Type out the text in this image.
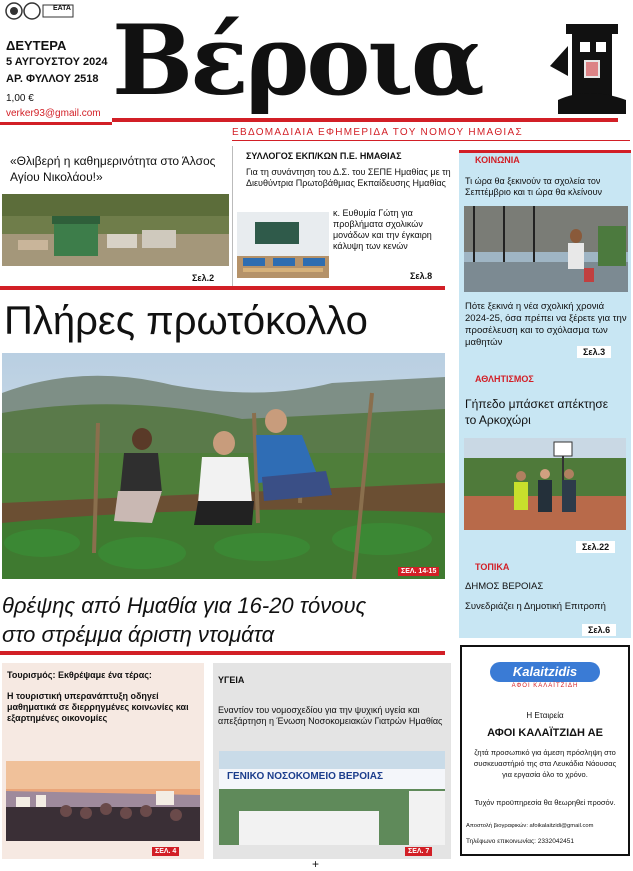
ΕΑΤΑ
ΔΕΥΤΕΡΑ
5 ΑΥΓΟΥΣΤΟΥ 2024
ΑΡ. ΦΥΛΛΟΥ 2518
1,00 €
verker93@gmail.com Βέροια
ΕΒΔΟΜΑΔΙΑΙΑ ΕΦΗΜΕΡΙΔΑ ΤΟΥ ΝΟΜΟΥ ΗΜΑΘΙΑΣ
«Θλιβερή η καθημερινότητα στο Άλσος Αγίου Νικολάου!»
Σελ.2
ΣΥΛΛΟΓΟΣ ΕΚΠ/ΚΩΝ Π.Ε. ΗΜΑΘΙΑΣ
Για τη συνάντηση του Δ.Σ. του ΣΕΠΕ Ημαθίας με τη Διευθύντρια Πρωτοβάθμιας Εκπαίδευσης Ημαθίας
κ. Ευθυμία Γώτη για προβλήματα σχολικών μονάδων και την έγκαιρη κάλυψη των κενών
Σελ.8
Πλήρες πρωτόκολλο
ΣΕΛ. 14-15
θρέψης από Ημαθία για 16-20 τόνους
στο στρέμμα άριστη ντομάτα
ΚΟΙΝΩΝΙΑ
Τι ώρα θα ξεκινούν τα σχολεία τον Σεπτέμβριο και τι ώρα θα κλείνουν
Πότε ξεκινά η νέα σχολική χρονιά 2024-25, όσα πρέπει να ξέρετε για την προσέλευση και το σχόλασμα των μαθητών
Σελ.3
ΑΘΛΗΤΙΣΜΟΣ
Γήπεδο μπάσκετ απέκτησε το Αρκοχώρι
Σελ.22
ΤΟΠΙΚΑ
ΔΗΜΟΣ ΒΕΡΟΙΑΣ
Συνεδριάζει η Δημοτική Επιτροπή
Σελ.6
Τουρισμός: Εκθρέψαμε ένα τέρας:
Η τουριστική υπερανάπτυξη οδηγεί μαθηματικά σε διερρηγμένες κοινωνίες και εξαρτημένες οικονομίες
ΣΕΛ. 4
ΥΓΕΙΑ
Εναντίον του νομοσχεδίου για την ψυχική υγεία και απεξάρτηση η Ένωση Νοσοκομειακών Γιατρών Ημαθίας
ΓΕΝΙΚΟ ΝΟΣΟΚΟΜΕΙΟ ΒΕΡΟΙΑΣ
ΣΕΛ. 7
Kalaitzidis
ΑΦΟΙ ΚΑΛΑΪΤΖΙΔΗ
Η Εταιρεία
ΑΦΟΙ ΚΑΛΑΪΤΖΙΔΗ ΑΕ
ζητά προσωπικό για άμεση πρόσληψη στο συσκευαστήριό της στα Λευκάδια Νάουσας για εργασία όλο το χρόνο.
Τυχόν προϋπηρεσία θα θεωρηθεί προσόν.
Αποστολή βιογραφικών: afoikalaitzidi@gmail.com
Τηλέφωνο επικοινωνίας: 2332042451
+
